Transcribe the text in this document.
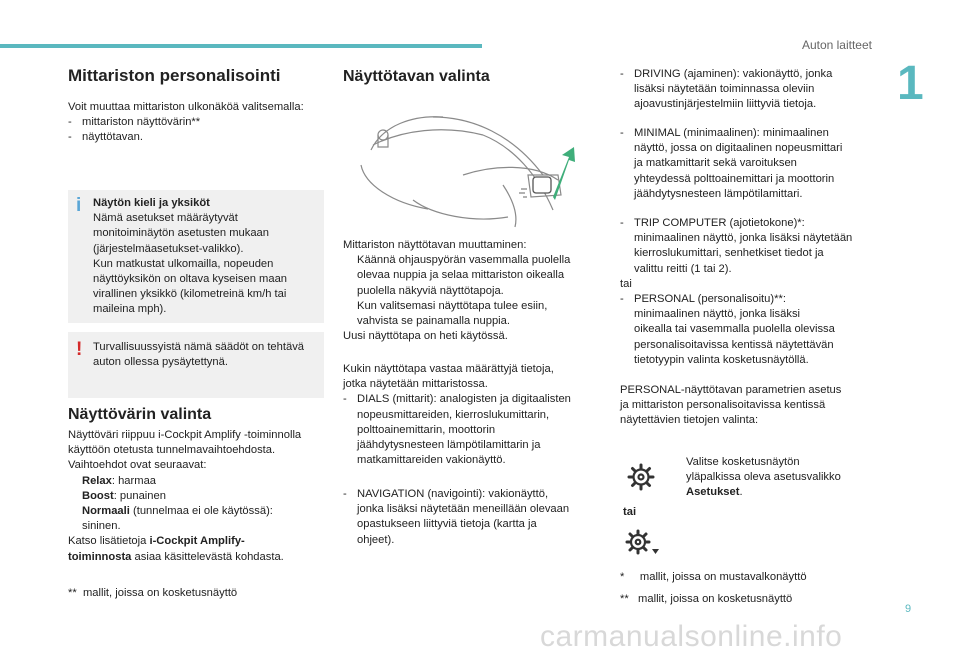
Auton laitteet
1
Mittariston personalisointi
Voit muuttaa mittariston ulkonäköä valitsemalla:
- mittariston näyttövärin**
- näyttötavan.
i Näytön kieli ja yksiköt
Nämä asetukset määräytyvät
monitoiminäytön asetusten mukaan
(järjestelmäasetukset-valikko).
Kun matkustat ulkomailla, nopeuden
näyttöyksikön on oltava kyseisen maan
virallinen yksikkö (kilometreinä km/h tai
maileina mph).
! Turvallisuussyistä nämä säädöt on tehtävä
auton ollessa pysäytettynä.
Näyttövärin valinta
Näyttöväri riippuu i-Cockpit Amplify -toiminnolla
käyttöön otetusta tunnelmavaihtoehdosta.
Vaihtoehdot ovat seuraavat:
Relax: harmaa
Boost: punainen
Normaali (tunnelmaa ei ole käytössä):
sininen.
Katso lisätietoja i-Cockpit Amplify-
toiminnosta asiaa käsittelevästä kohdasta.
** mallit, joissa on kosketusnäyttö
Näyttötavan valinta
Mittariston näyttötavan muuttaminen:
Käännä ohjauspyörän vasemmalla puolella
olevaa nuppia ja selaa mittariston oikealla
puolella näkyviä näyttötapoja.
Kun valitsemasi näyttötapa tulee esiin,
vahvista se painamalla nuppia.
Uusi näyttötapa on heti käytössä.
Kukin näyttötapa vastaa määrättyjä tietoja,
jotka näytetään mittaristossa.
- DIALS (mittarit): analogisten ja digitaalisten
nopeusmittareiden, kierroslukumittarin,
polttoainemittarin, moottorin
jäähdytysnesteen lämpötilamittarin ja
matkamittareiden vakionäyttö.
- NAVIGATION (navigointi): vakionäyttö,
jonka lisäksi näytetään meneillään olevaan
opastukseen liittyviä tietoja (kartta ja
ohjeet).
- DRIVING (ajaminen): vakionäyttö, jonka
lisäksi näytetään toiminnassa oleviin
ajoavustinjärjestelmiin liittyviä tietoja.
- MINIMAL (minimaalinen): minimaalinen
näyttö, jossa on digitaalinen nopeusmittari
ja matkamittarit sekä varoituksen
yhteydessä polttoainemittari ja moottorin
jäähdytysnesteen lämpötilamittari.
- TRIP COMPUTER (ajotietokone)*:
minimaalinen näyttö, jonka lisäksi näytetään
kierroslukumittari, senhetkiset tiedot ja
valittu reitti (1 tai 2).
tai
- PERSONAL (personalisoitu)**:
minimaalinen näyttö, jonka lisäksi
oikealla tai vasemmalla puolella olevissa
personalisoitavissa kentissä näytettävän
tietotyypin valinta kosketusnäytöllä.
PERSONAL-näyttötavan parametrien asetus
ja mittariston personalisoitavissa kentissä
näytettävien tietojen valinta:
Valitse kosketusnäytön
yläpalkissa oleva asetusvalikko
Asetukset.
tai
* mallit, joissa on mustavalkonäyttö
** mallit, joissa on kosketusnäyttö
9
carmanualsonline.info
